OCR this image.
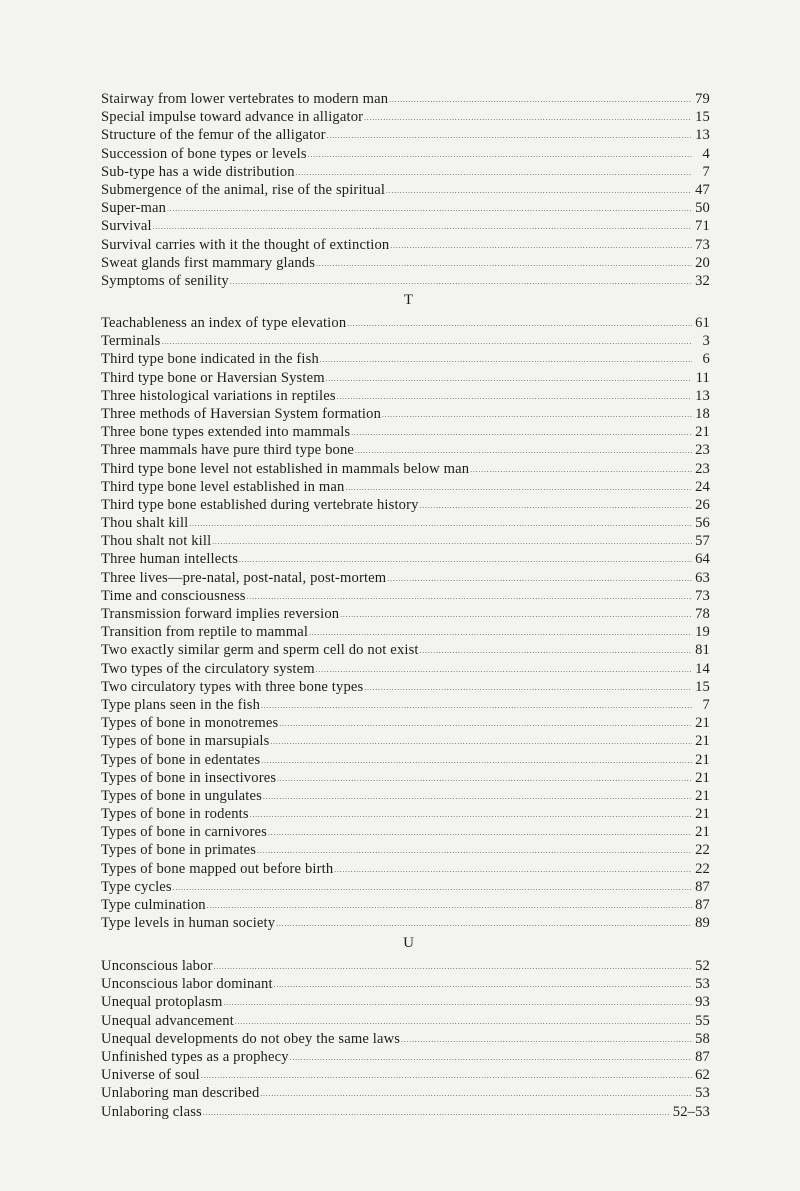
Stairway from lower vertebrates to modern man .....	79
Special impulse toward advance in alligator .....	15
Structure of the femur of the alligator .....	13
Succession of bone types or levels .....	4
Sub-type has a wide distribution .....	7
Submergence of the animal, rise of the spiritual .....	47
Super-man .....	50
Survival .....	71
Survival carries with it the thought of extinction .....	73
Sweat glands first mammary glands .....	20
Symptoms of senility .....	32
T
Teachableness an index of type elevation .....	61
Terminals .....	3
Third type bone indicated in the fish .....	6
Third type bone or Haversian System .....	11
Three histological variations in reptiles .....	13
Three methods of Haversian System formation .....	18
Three bone types extended into mammals .....	21
Three mammals have pure third type bone .....	23
Third type bone level not established in mammals below man .....	23
Third type bone level established in man .....	24
Third type bone established during vertebrate history .....	26
Thou shalt kill .....	56
Thou shalt not kill .....	57
Three human intellects .....	64
Three lives—pre-natal, post-natal, post-mortem .....	63
Time and consciousness .....	73
Transmission forward implies reversion .....	78
Transition from reptile to mammal .....	19
Two exactly similar germ and sperm cell do not exist .....	81
Two types of the circulatory system .....	14
Two circulatory types with three bone types .....	15
Type plans seen in the fish .....	7
Types of bone in monotremes .....	21
Types of bone in marsupials .....	21
Types of bone in edentates .....	21
Types of bone in insectivores .....	21
Types of bone in ungulates .....	21
Types of bone in rodents .....	21
Types of bone in carnivores .....	21
Types of bone in primates .....	22
Types of bone mapped out before birth .....	22
Type cycles .....	87
Type culmination .....	87
Type levels in human society .....	89
U
Unconscious labor .....	52
Unconscious labor dominant .....	53
Unequal protoplasm .....	93
Unequal advancement .....	55
Unequal developments do not obey the same laws .....	58
Unfinished types as a prophecy .....	87
Universe of soul .....	62
Unlaboring man described .....	53
Unlaboring class .....	52–53
